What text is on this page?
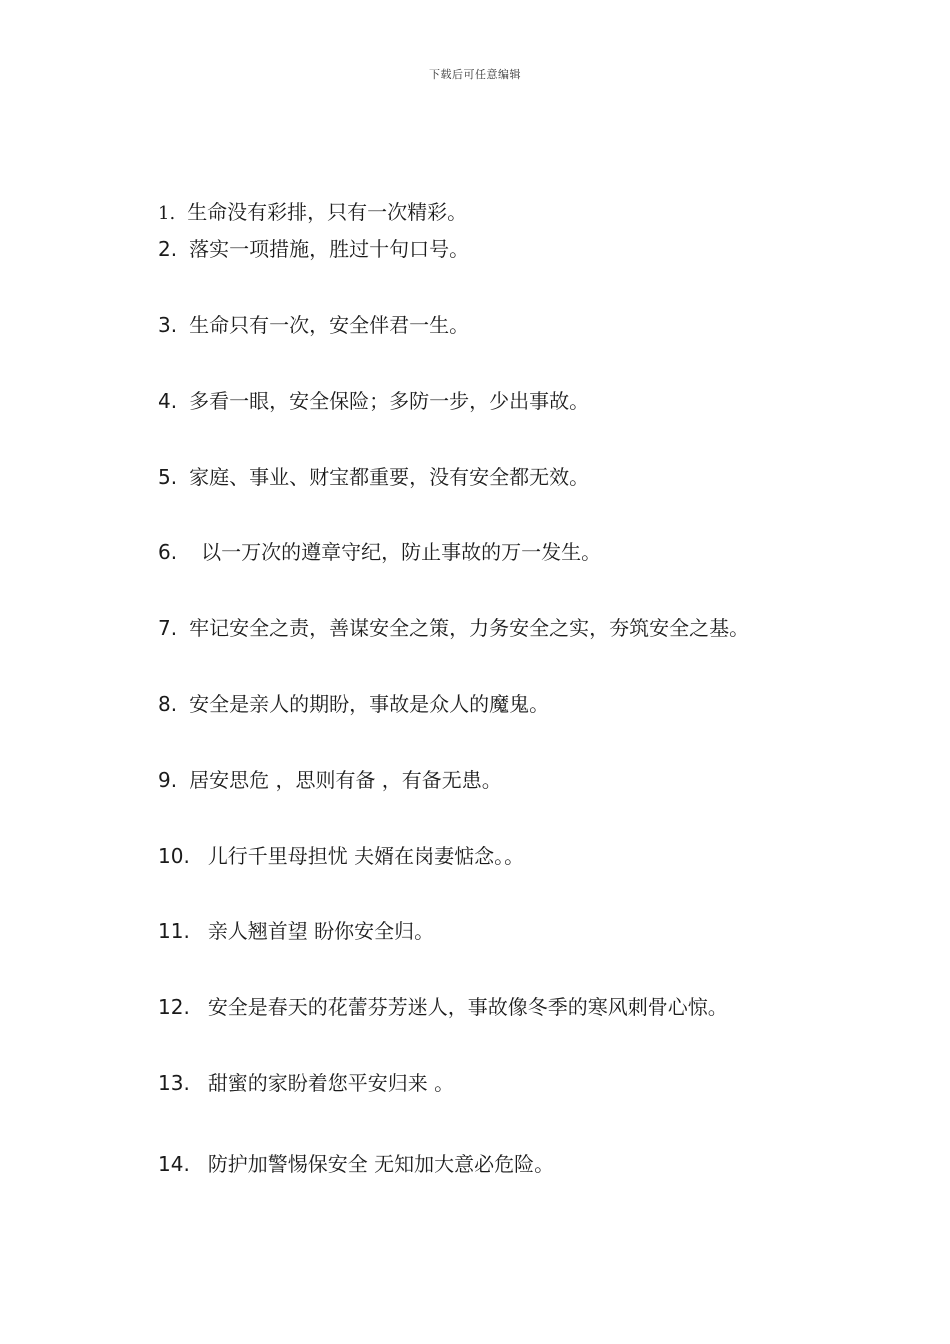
下载后可任意编辑
1. 生命没有彩排，只有一次精彩。
2. 落实一项措施，胜过十句口号。
3. 生命只有一次，安全伴君一生。
4. 多看一眼，安全保险；多防一步，少出事故。
5. 家庭、事业、财宝都重要，没有安全都无效。
6. 以一万次的遵章守纪，防止事故的万一发生。
7. 牢记安全之责，善谋安全之策，力务安全之实，夯筑安全之基。
8. 安全是亲人的期盼，事故是众人的魔鬼。
9. 居安思危 ，思则有备 ，有备无患。
10. 儿行千里母担忧 夫婿在岗妻惦念。。
11. 亲人翘首望 盼你安全归。
12. 安全是春天的花蕾芬芳迷人，事故像冬季的寒风刺骨心惊。
13. 甜蜜的家盼着您平安归来 。
14. 防护加警惕保安全 无知加大意必危险。
